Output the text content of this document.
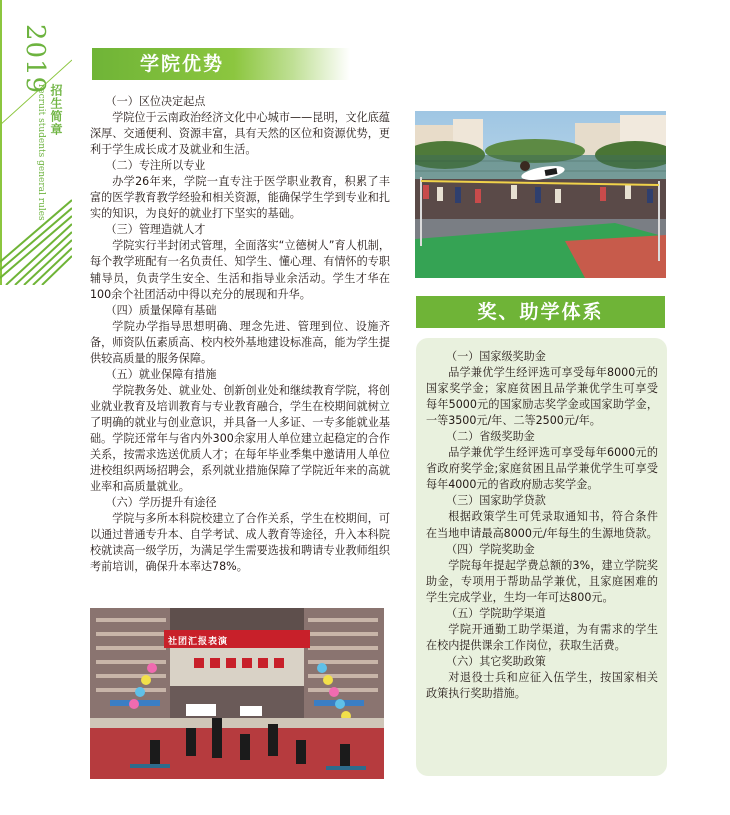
2019
招生简章
recruit students general rules
学院优势

（一）区位决定起点

学院位于云南政治经济文化中心城市——昆明，文化底蕴深厚、交通便利、资源丰富，具有天然的区位和资源优势，更利于学生成长成才及就业和生活。

（二）专注所以专业

办学26年来，学院一直专注于医学职业教育，积累了丰富的医学教育教学经验和相关资源，能确保学生学到专业和扎实的知识，为良好的就业打下坚实的基础。

（三）管理造就人才

学院实行半封闭式管理，全面落实“立德树人”育人机制，每个教学班配有一名负责任、知学生、懂心理、有情怀的专职辅导员，负责学生安全、生活和指导业余活动。学生才华在100余个社团活动中得以充分的展现和升华。

（四）质量保障有基础

学院办学指导思想明确、理念先进、管理到位、设施齐备，师资队伍素质高、校内校外基地建设标准高，能为学生提供较高质量的服务保障。

（五）就业保障有措施

学院教务处、就业处、创新创业处和继续教育学院，将创业就业教育及培训教育与专业教育融合，学生在校期间就树立了明确的就业与创业意识，并具备一人多证、一专多能就业基础。学院还常年与省内外300余家用人单位建立起稳定的合作关系，按需求选送优质人才；在每年毕业季集中邀请用人单位进校组织两场招聘会，系列就业措施保障了学院近年来的高就业率和高质量就业。

（六）学历提升有途径

学院与多所本科院校建立了合作关系，学生在校期间，可以通过普通专升本、自学考试、成人教育等途径，升入本科院校就读高一级学历，为满足学生需要选拔和聘请专业教师组织考前培训，确保升本率达78%。

奖、助学体系

（一）国家级奖助金

品学兼优学生经评选可享受每年8000元的国家奖学金；家庭贫困且品学兼优学生可享受每年5000元的国家励志奖学金或国家助学金，一等3500元/年、二等2500元/年。

（二）省级奖助金

品学兼优学生经评选可享受每年6000元的省政府奖学金;家庭贫困且品学兼优学生可享受每年4000元的省政府励志奖学金。

（三）国家助学贷款

根据政策学生可凭录取通知书，符合条件在当地申请最高8000元/年每生的生源地贷款。

（四）学院奖助金

学院每年提起学费总额的3%，建立学院奖助金，专项用于帮助品学兼优，且家庭困难的学生完成学业，生均一年可达800元。

（五）学院助学渠道

学院开通勤工助学渠道，为有需求的学生在校内提供课余工作岗位，获取生活费。

（六）其它奖助政策

对退役士兵和应征入伍学生，按国家相关政策执行奖助措施。

社团汇报表演
